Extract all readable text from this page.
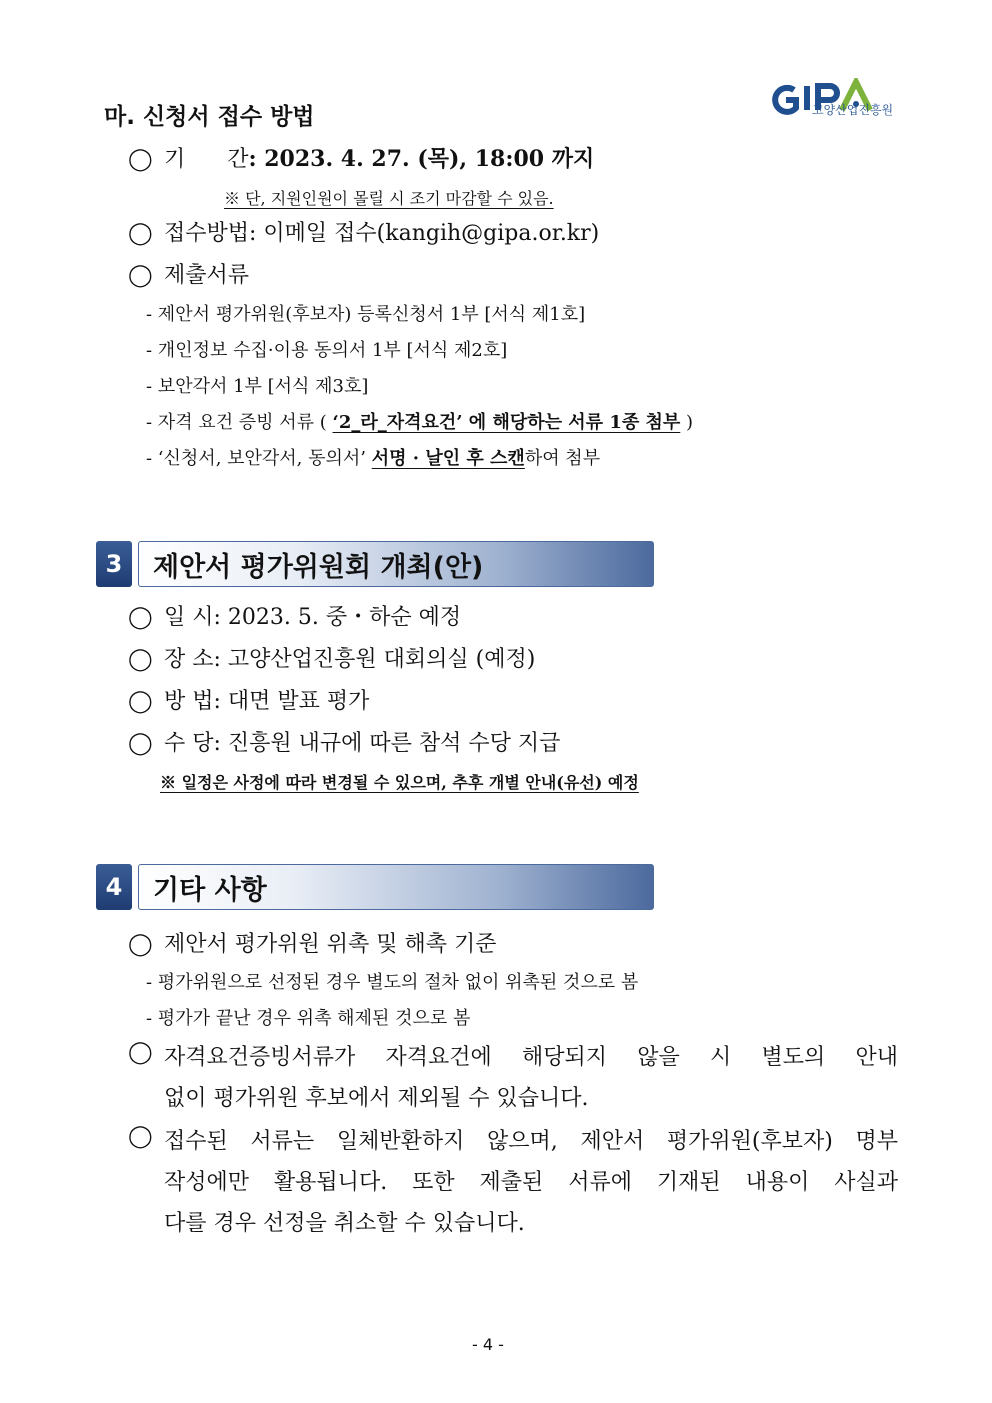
고양산업진흥원
마. 신청서 접수 방법
◯ 기      간: 2023. 4. 27. (목), 18:00 까지
※ 단, 지원인원이 몰릴 시 조기 마감할 수 있음.
◯ 접수방법: 이메일 접수(kangih@gipa.or.kr)
◯ 제출서류
- 제안서 평가위원(후보자) 등록신청서 1부 [서식 제1호]
- 개인정보 수집·이용 동의서 1부 [서식 제2호]
- 보안각서 1부 [서식 제3호]
- 자격 요건 증빙 서류 ( ‘2_라_자격요건’ 에 해당하는 서류 1종 첨부 )
- ‘신청서, 보안각서, 동의서’ 서명 · 날인 후 스캔하여 첨부
3	제안서 평가위원회 개최(안)
◯ 일 시: 2023. 5. 중・하순 예정
◯ 장 소: 고양산업진흥원 대회의실 (예정)
◯ 방 법: 대면 발표 평가
◯ 수 당: 진흥원 내규에 따른 참석 수당 지급
※ 일정은 사정에 따라 변경될 수 있으며, 추후 개별 안내(유선) 예정
4	기타 사항
◯ 제안서 평가위원 위촉 및 해촉 기준
- 평가위원으로 선정된 경우 별도의 절차 없이 위촉된 것으로 봄
- 평가가 끝난 경우 위촉 해제된 것으로 봄
◯ 자격요건증빙서류가 자격요건에 해당되지 않을 시 별도의 안내
없이 평가위원 후보에서 제외될 수 있습니다.
◯ 접수된 서류는 일체반환하지 않으며, 제안서 평가위원(후보자) 명부
작성에만 활용됩니다. 또한 제출된 서류에 기재된 내용이 사실과
다를 경우 선정을 취소할 수 있습니다.
- 4 -
